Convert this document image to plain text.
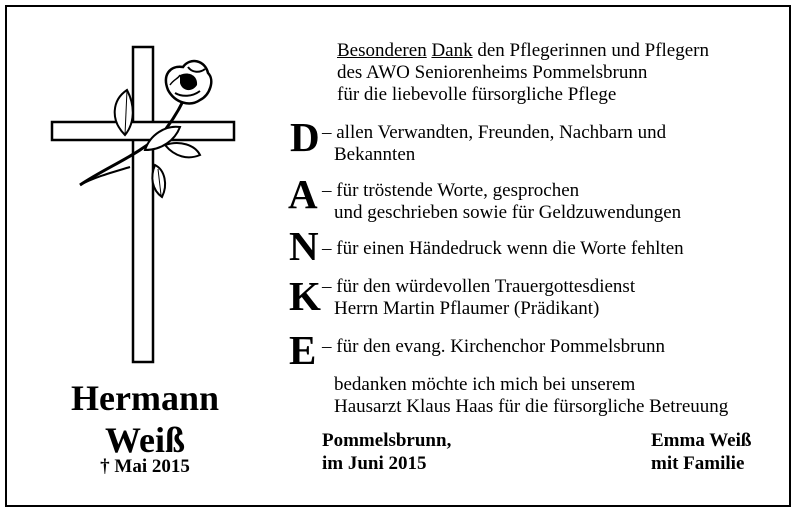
Hermann
Weiß
† Mai 2015
Besonderen Dank den Pflegerinnen und Pflegern
des AWO Seniorenheims Pommelsbrunn
für die liebevolle fürsorgliche Pflege
D – allen Verwandten, Freunden, Nachbarn und
Bekannten
A – für tröstende Worte, gesprochen
und geschrieben sowie für Geldzuwendungen
N – für einen Händedruck wenn die Worte fehlten
K – für den würdevollen Trauergottesdienst
Herrn Martin Pflaumer (Prädikant)
E – für den evang. Kirchenchor Pommelsbrunn
bedanken möchte ich mich bei unserem
Hausarzt Klaus Haas für die fürsorgliche Betreuung
Pommelsbrunn,
im Juni 2015
Emma Weiß
mit Familie
